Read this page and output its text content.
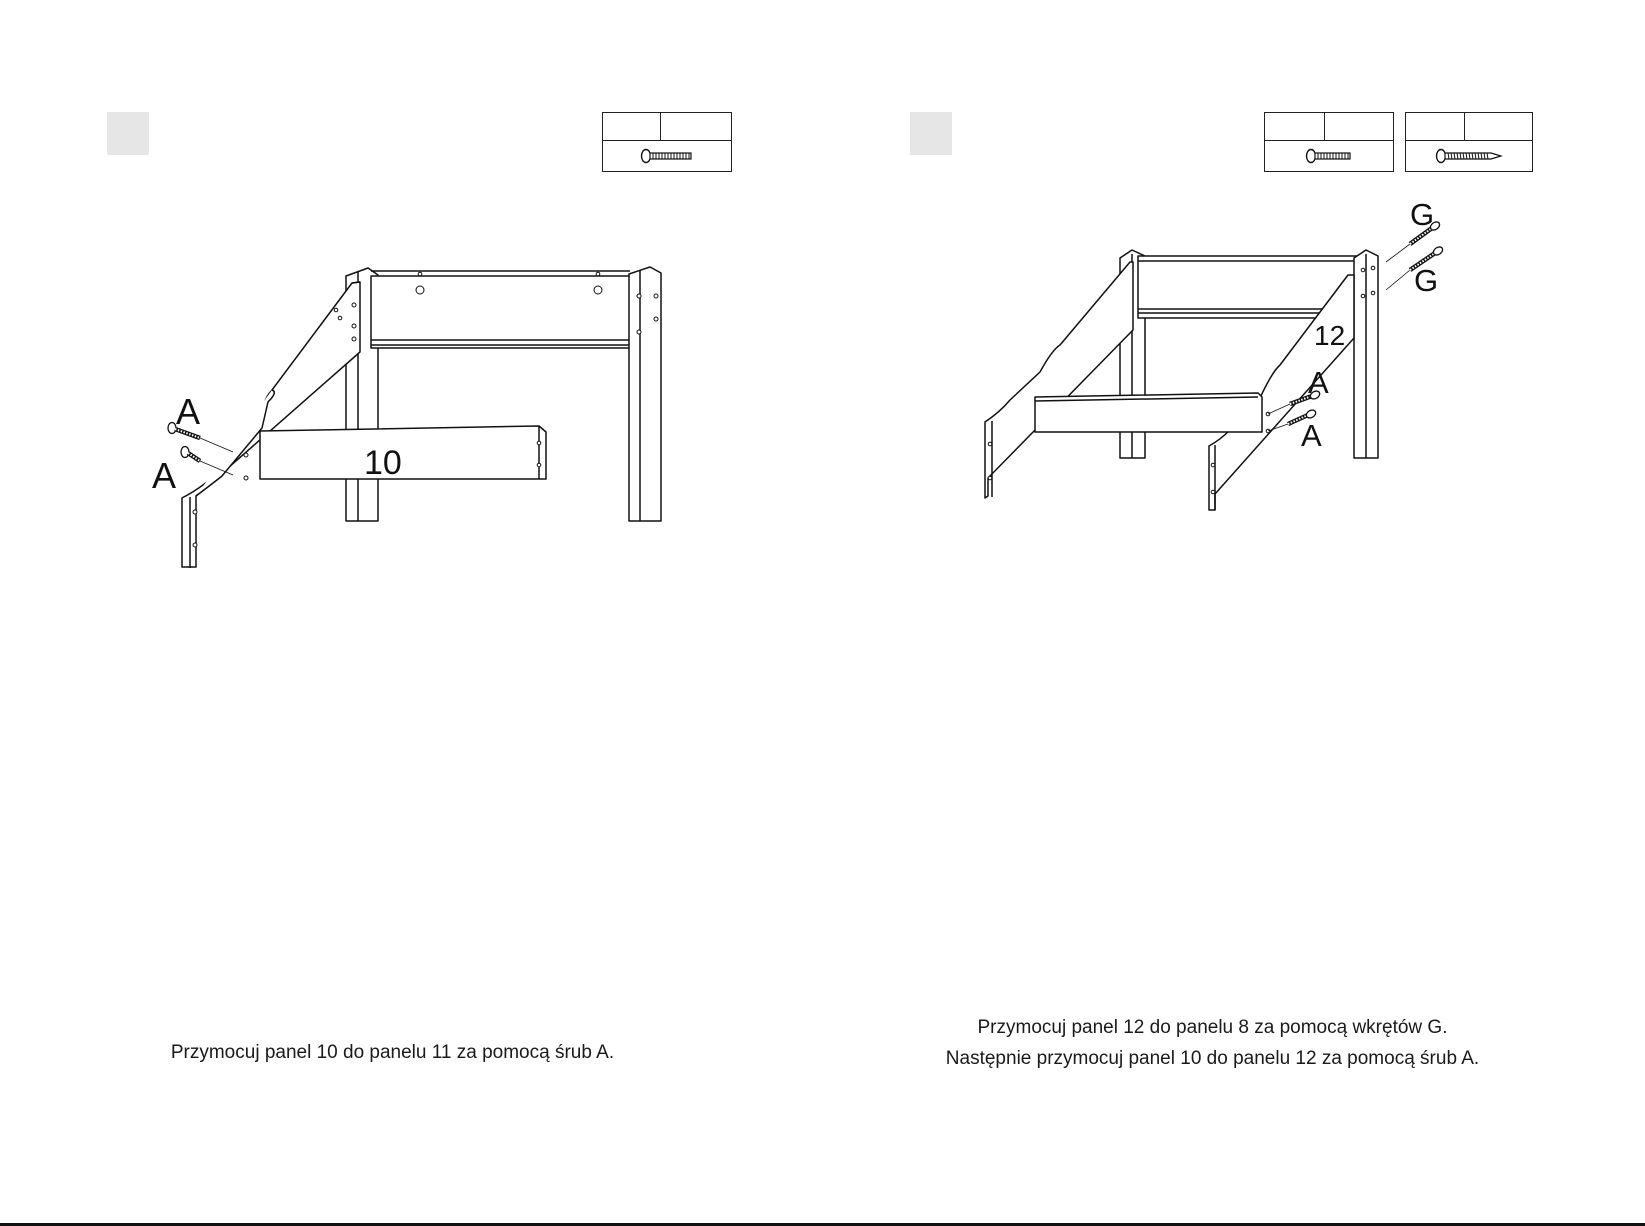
A
A	10
Przymocuj panel 10 do panelu 11 za pomocą śrub A.
G
G
12
A
A
Przymocuj panel 12 do panelu 8 za pomocą wkrętów G.
Następnie przymocuj panel 10 do panelu 12 za pomocą śrub A.
